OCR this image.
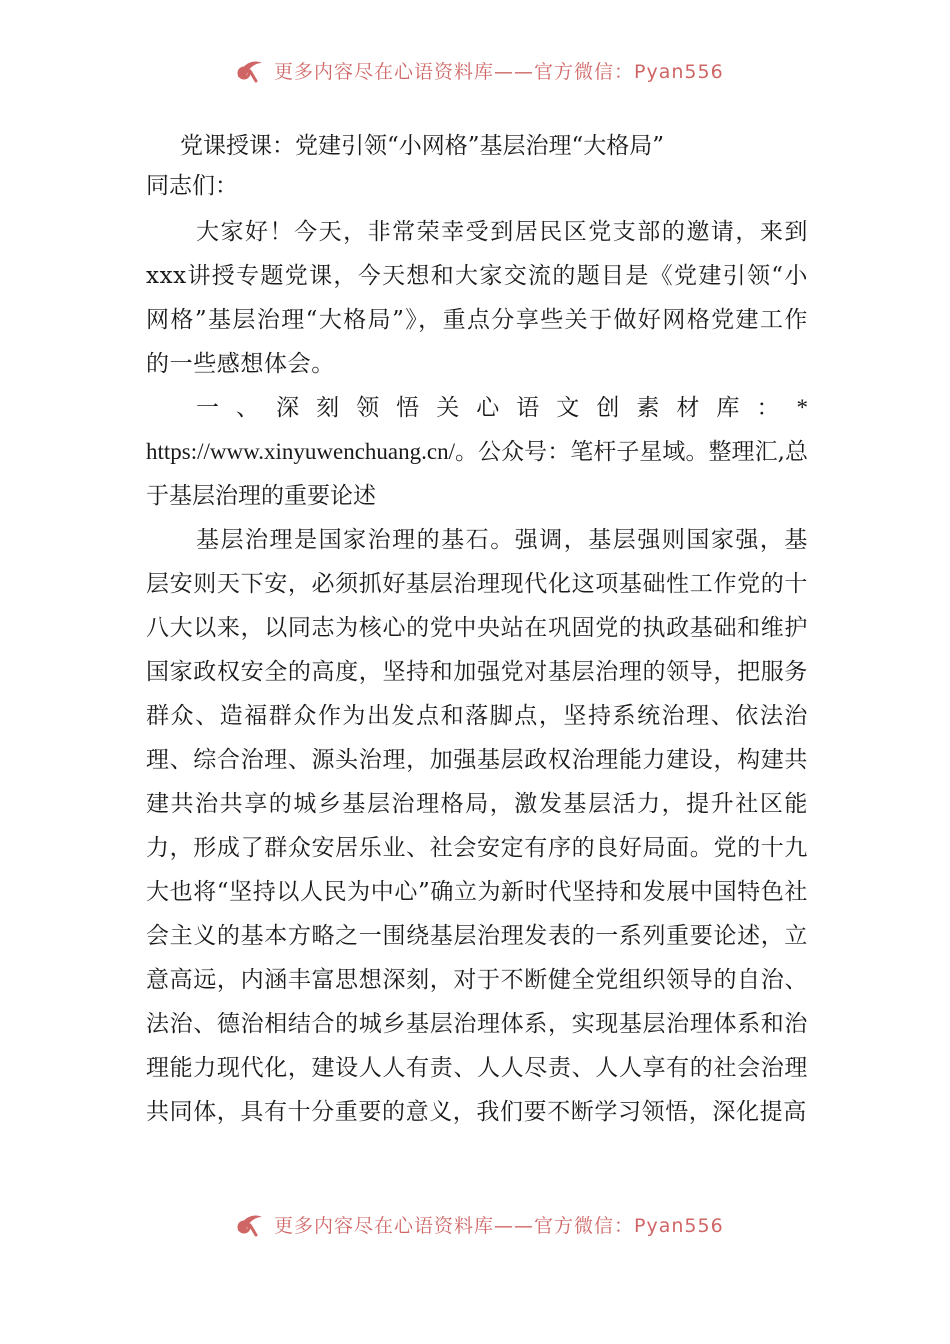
更多内容尽在心语资料库——官方微信：Pyan556

党课授课：党建引领“小网格”基层治理“大格局”

同志们：

大家好！今天，非常荣幸受到居民区党支部的邀请，来到xxx讲授专题党课，今天想和大家交流的题目是《党建引领“小网格”基层治理“大格局”》，重点分享些关于做好网格党建工作的一些感想体会。

一、深刻领悟关心语文创素材库：*https://www.xinyuwenchuang.cn/。公众号：笔杆子星域。整理汇,总于基层治理的重要论述

基层治理是国家治理的基石。强调，基层强则国家强，基层安则天下安，必须抓好基层治理现代化这项基础性工作党的十八大以来，以同志为核心的党中央站在巩固党的执政基础和维护国家政权安全的高度，坚持和加强党对基层治理的领导，把服务群众、造福群众作为出发点和落脚点，坚持系统治理、依法治理、综合治理、源头治理，加强基层政权治理能力建设，构建共建共治共享的城乡基层治理格局，激发基层活力，提升社区能力，形成了群众安居乐业、社会安定有序的良好局面。党的十九大也将“坚持以人民为中心”确立为新时代坚持和发展中国特色社会主义的基本方略之一围绕基层治理发表的一系列重要论述，立意高远，内涵丰富思想深刻，对于不断健全党组织领导的自治、法治、德治相结合的城乡基层治理体系，实现基层治理体系和治理能力现代化，建设人人有责、人人尽责、人人享有的社会治理共同体，具有十分重要的意义，我们要不断学习领悟，深化提高

更多内容尽在心语资料库——官方微信：Pyan556
